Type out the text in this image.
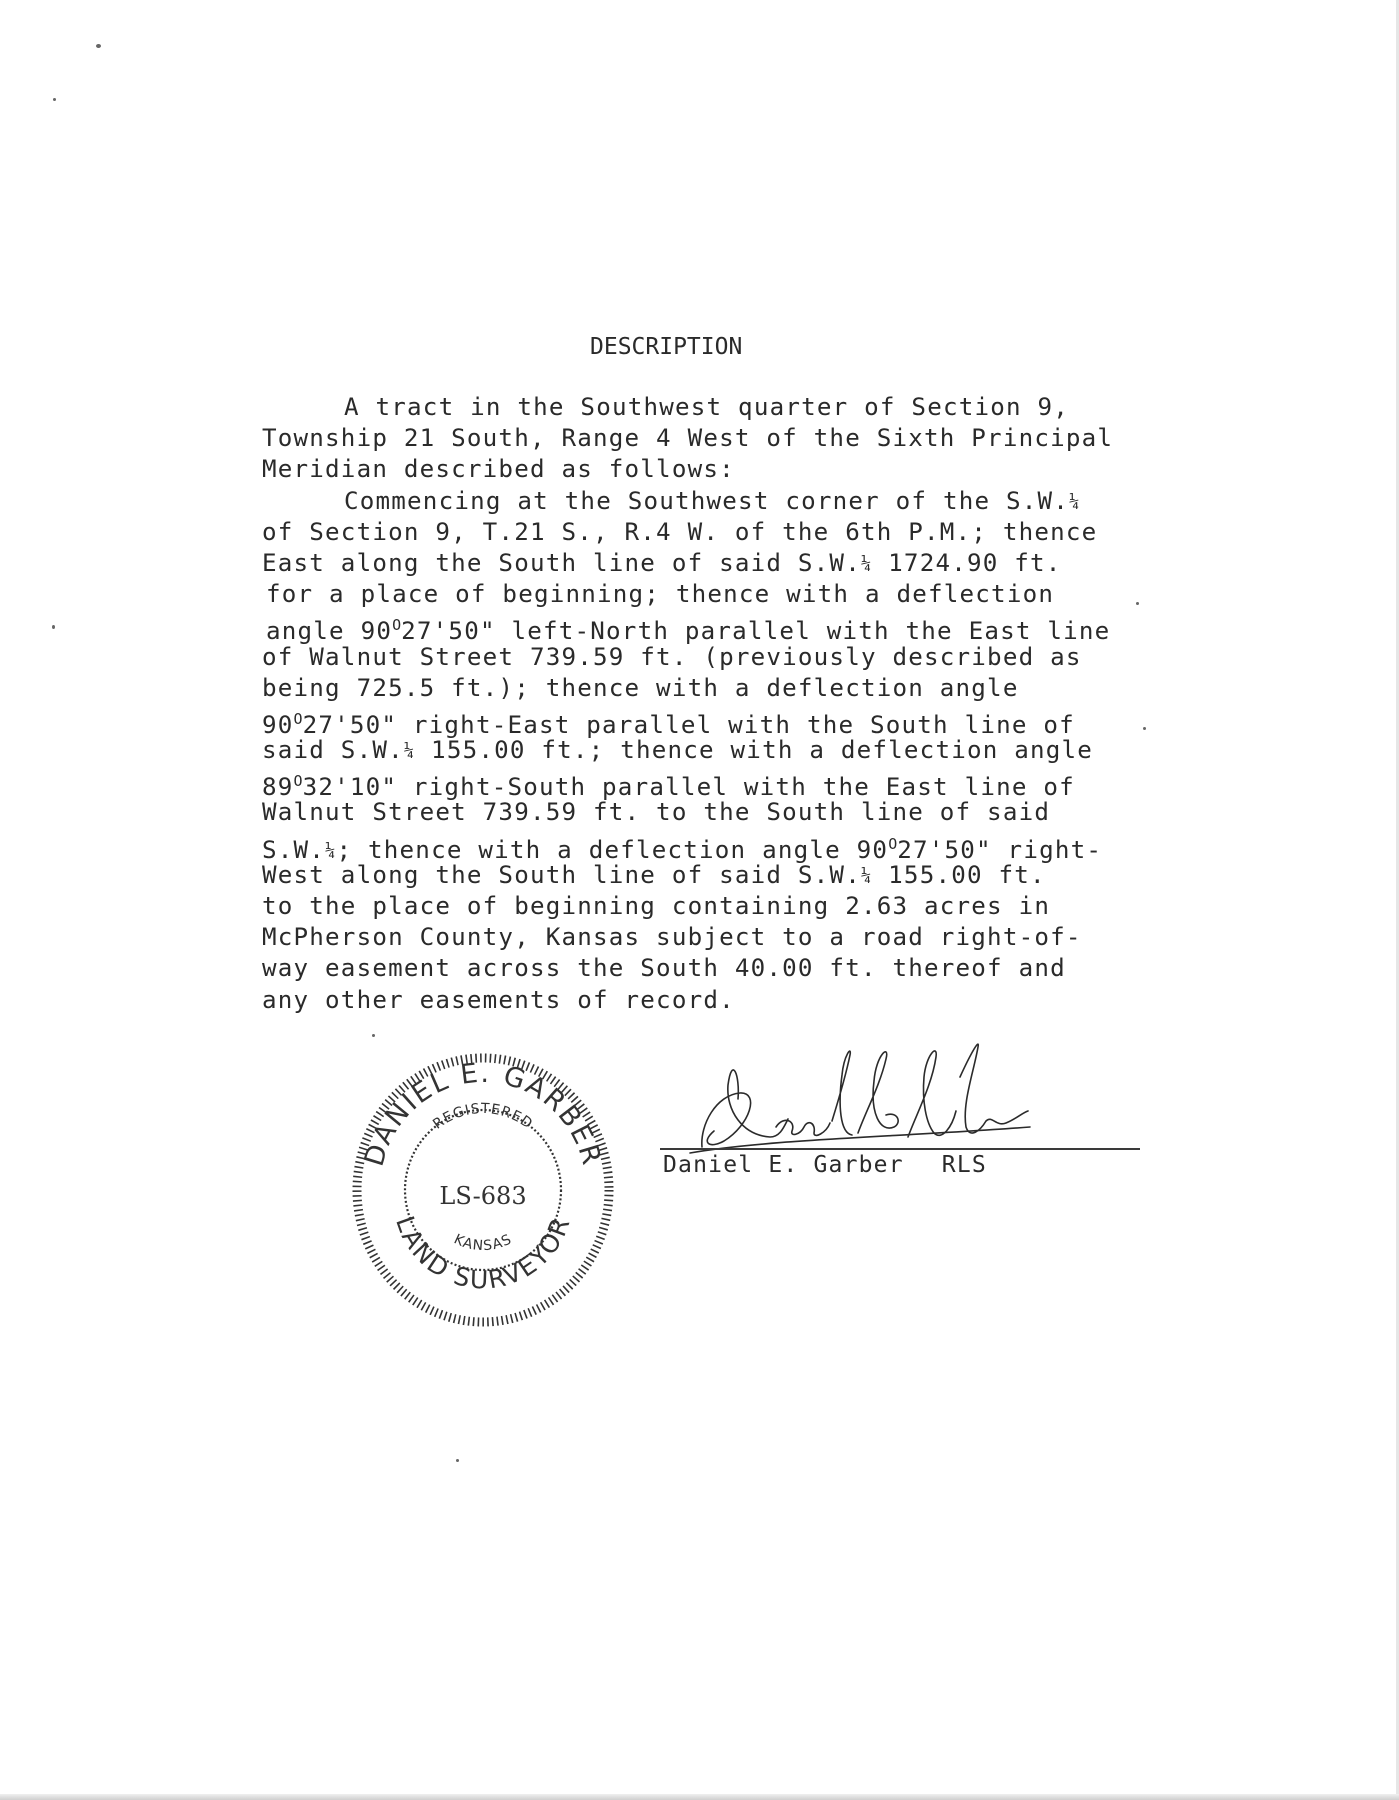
DESCRIPTION
A tract in the Southwest quarter of Section 9,
Township 21 South, Range 4 West of the Sixth Principal
Meridian described as follows:
Commencing at the Southwest corner of the S.W.¼
of Section 9, T.21 S., R.4 W. of the 6th P.M.; thence
East along the South line of said S.W.¼ 1724.90 ft.
for a place of beginning; thence with a deflection
angle $90^O27'50$" left-North parallel with the East line
of Walnut Street 739.59 ft. (previously described as
being 725.5 ft.); thence with a deflection angle
$90^O27'50$" right-East parallel with the South line of
said S.W.¼ 155.00 ft.; thence with a deflection angle
$89^O32'10$" right-South parallel with the East line of
Walnut Street 739.59 ft. to the South line of said
S.W.¼; thence with a deflection angle $90^O27'50$" right-
West along the South line of said S.W.¼ 155.00 ft.
to the place of beginning containing 2.63 acres in
McPherson County, Kansas subject to a road right-of-
way easement across the South 40.00 ft. thereof and
any other easements of record.
DANIEL E. GARBER
LAND SURVEYOR
REGISTERED
KANSAS
LS-683
Daniel E. Garber RLS
